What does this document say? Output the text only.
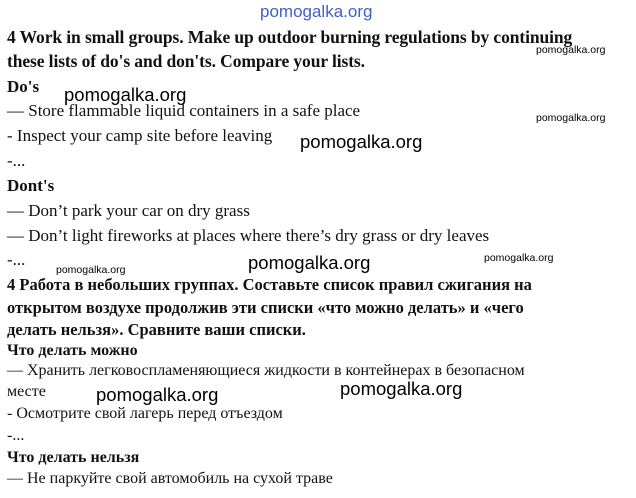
pomogalka.org
pomogalka.org
pomogalka.org
pomogalka.org
pomogalka.org
pomogalka.org
pomogalka.org
pomogalka.org
pomogalka.org	pomogalka.org
4 Work in small groups. Make up outdoor burning regulations by continuing
these lists of do's and don'ts. Compare your lists.
Do's
— Store flammable liquid containers in a safe place
- Inspect your camp site before leaving
-...
Dont's
— Don’t park your car on dry grass
— Don’t light fireworks at places where there’s dry grass or dry leaves
-...
4 Работа в небольших группах. Составьте список правил сжигания на
открытом воздухе продолжив эти списки «что можно делать» и «чего
делать нельзя». Сравните ваши списки.
Что делать можно
— Хранить легковоспламеняющиеся жидкости в контейнерах в безопасном
месте
- Осмотрите свой лагерь перед отъездом
-...
Что делать нельзя
— Не паркуйте свой автомобиль на сухой траве
